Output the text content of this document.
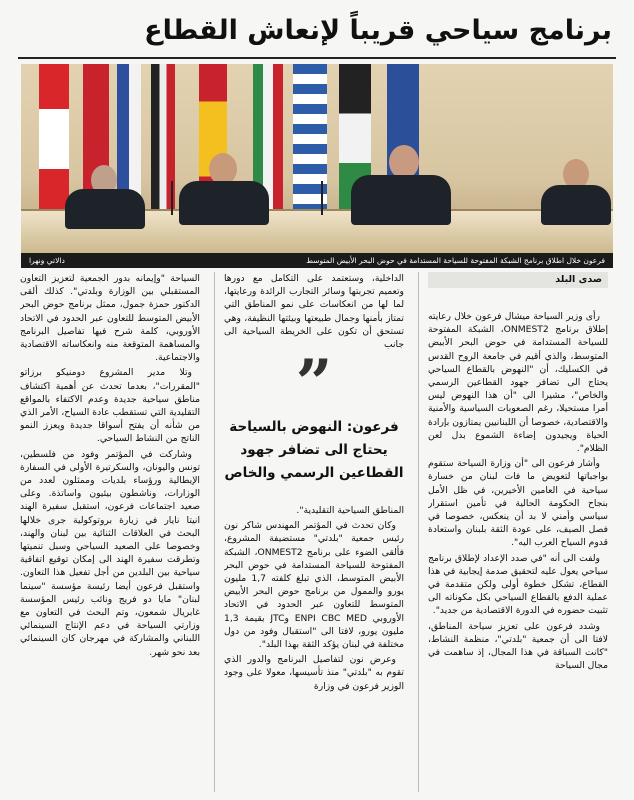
برنامج سياحي قريباً لإنعاش القطاع
فرعون خلال اطلاق برنامج الشبكة المفتوحة للسياحة المستدامة في حوض البحر الأبيض المتوسط
دالاتي ونهرا
صدى البلد

رأى وزير السياحة ميشال فرعون خلال رعايته إطلاق برنامج ONMEST2، الشبكة المفتوحة للسياحة المستدامة في حوض البحر الأبيض المتوسط، والذي أقيم في جامعة الروح القدس في الكسليك، أن "النهوض بالقطاع السياحي يحتاج الى تضافر جهود القطاعين الرسمي والخاص"، مشيرا الى "أن هذا النهوض ليس أمرا مستحيلا، رغم الصعوبات السياسية والأمنية والاقتصادية، خصوصا أن اللبنانيين يمتازون بإرادة الحياة ويجيدون إضاءة الشموع بدل لعن الظلام".

وأشار فرعون الى "أن وزارة السياحة ستقوم بواجباتها لتعويض ما فات لبنان من خسارة سياحية في العامين الأخيرين، في ظل الأمل بنجاح الحكومة الحالية في تأمين استقرار سياسي وأمني لا بد أن ينعكس، خصوصا في فصل الصيف، على عودة الثقة بلبنان واستعادة قدوم السياح العرب اليه".

ولفت الى أنه "في صدد الإعداد لإطلاق برنامج سياحي يعول عليه لتحقيق صدمة إيجابية في هذا القطاع، تشكل خطوة أولى ولكن متقدمة في عملية الدفع بالقطاع السياحي بكل مكوناته الى تثبيت حضوره في الدورة الاقتصادية من جديد".

وشدد فرعون على تعزيز سياحة المناطق، لافتا الى أن جمعية "بلدتي"، منظمة النشاط، "كانت السباقة في هذا المجال، إذ ساهمت في مجال السياحة

الداخلية، وستعتمد على التكامل مع دورها وتعميم تجربتها وسائر التجارب الرائدة ورعايتها، لما لها من انعكاسات على نمو المناطق التي تمتاز بأمنها وجمال طبيعتها وبيئتها النظيفة، وهي تستحق أن تكون على الخريطة السياحية الى جانب

”
فرعون: النهوض بالسياحة
يحتاج الى تضافر جهود
القطاعين الرسمي والخاص

المناطق السياحية التقليدية".

وكان تحدث في المؤتمر المهندس شاكر نون رئيس جمعية "بلدتي" مستضيفة المشروع، فألقى الضوء على برنامج ONMEST2، الشبكة المفتوحة للسياحة المستدامة في حوض البحر الأبيض المتوسط، الذي تبلغ كلفته 1,7 مليون يورو والممول من برنامج حوض البحر الأبيض المتوسط للتعاون عبر الحدود في الاتحاد الأوروبي ENPI CBC MED وJTC بقيمة 1,3 مليون يورو، لافتا الى "استقبال وفود من دول مختلفة في لبنان يؤكد الثقة بهذا البلد".

وعرض نون لتفاصيل البرنامج والدور الذي تقوم به "بلدتي" منذ تأسيسها، معولا على وجود الوزير فرعون في وزارة

السياحة "وإيمانه بدور الجمعية لتعزيز التعاون المستقبلي بين الوزارة وبلدتي". كذلك ألقى الدكتور حمزة جمول، ممثل برنامج حوض البحر الأبيض المتوسط للتعاون عبر الحدود في الاتحاد الأوروبي، كلمة شرح فيها تفاصيل البرنامج والمساهمة المتوقعة منه وانعكاساته الاقتصادية والاجتماعية.

وتلا مدير المشروع دومنيكو برزاتو "المقررات"، بعدما تحدث عن أهمية اكتشاف مناطق سياحية جديدة وعدم الاكتفاء بالمواقع التقليدية التي تستقطب عادة السياح، الأمر الذي من شأنه أن يفتح أسواقا جديدة ويعزز النمو الناتج من النشاط السياحي.

وشاركت في المؤتمر وفود من فلسطين، تونس واليونان، والسكرتيرة الأولى في السفارة الإيطالية ورؤساء بلديات وممثلون لعدد من الوزارات، وناشطون بيئيون واساتذة. وعلى صعيد اجتماعات فرعون، استقبل سفيرة الهند انيتا نايار في زيارة بروتوكولية جرى خلالها البحث في العلاقات الثنائية بين لبنان والهند، وخصوصا على الصعيد السياحي وسبل تنميتها وتطرقت سفيرة الهند الى إمكان توقيع اتفاقية سياحية بين البلدين من أجل تفعيل هذا التعاون. واستقبل فرعون أيضا رئيسة مؤسسة "سينما لبنان" مايا دو فريج ونائب رئيس المؤسسة غابريال شمعون، وتم البحث في التعاون مع وزارتي السياحة في دعم الإنتاج السينمائي اللبناني والمشاركة في مهرجان كان السينمائي بعد نحو شهر.
